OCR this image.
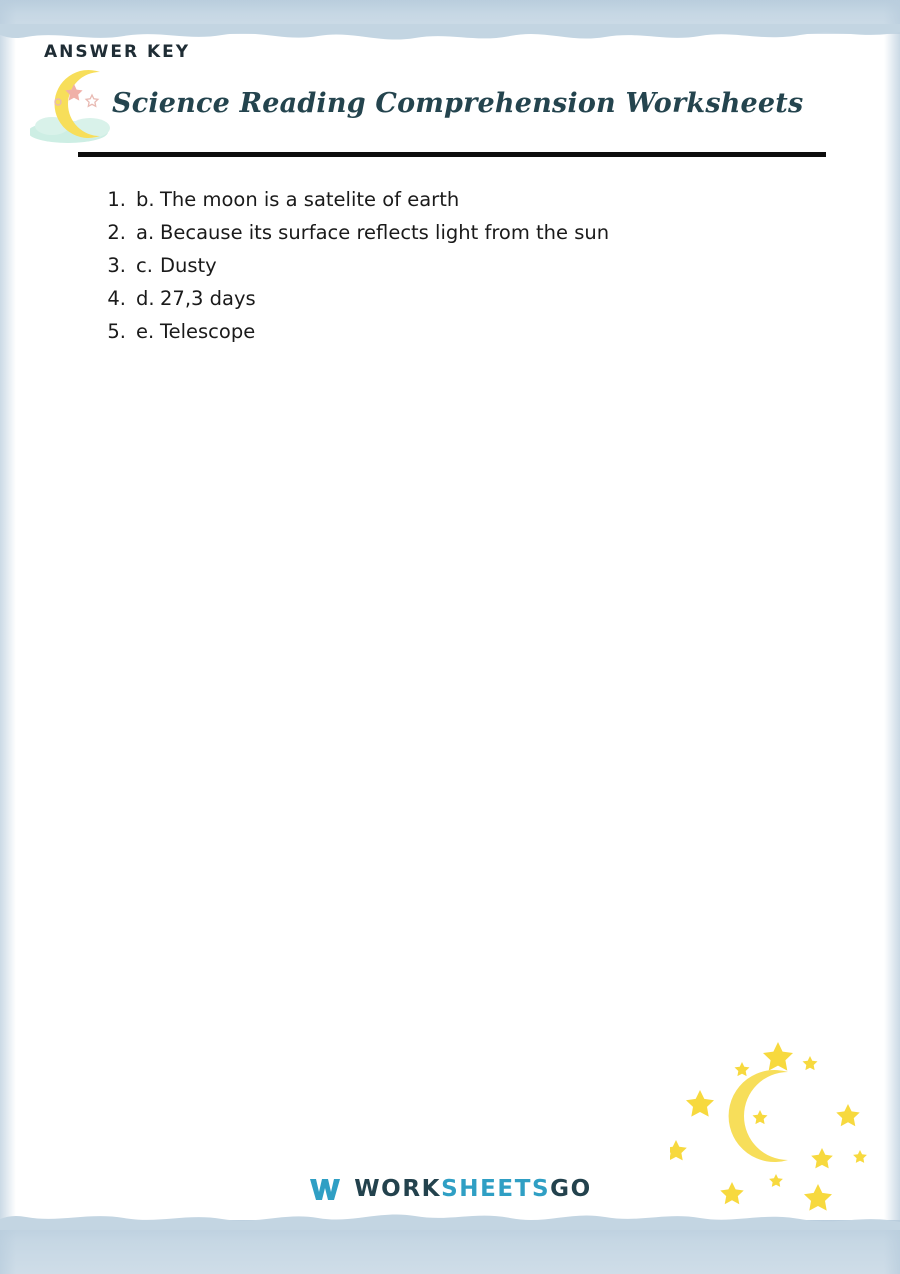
ANSWER KEY
Science Reading Comprehension Worksheets
1. b. The moon is a satelite of earth
2. a. Because its surface reflects light from the sun
3. c. Dusty
4. d. 27,3 days
5. e. Telescope
WORKSHEETSGO
